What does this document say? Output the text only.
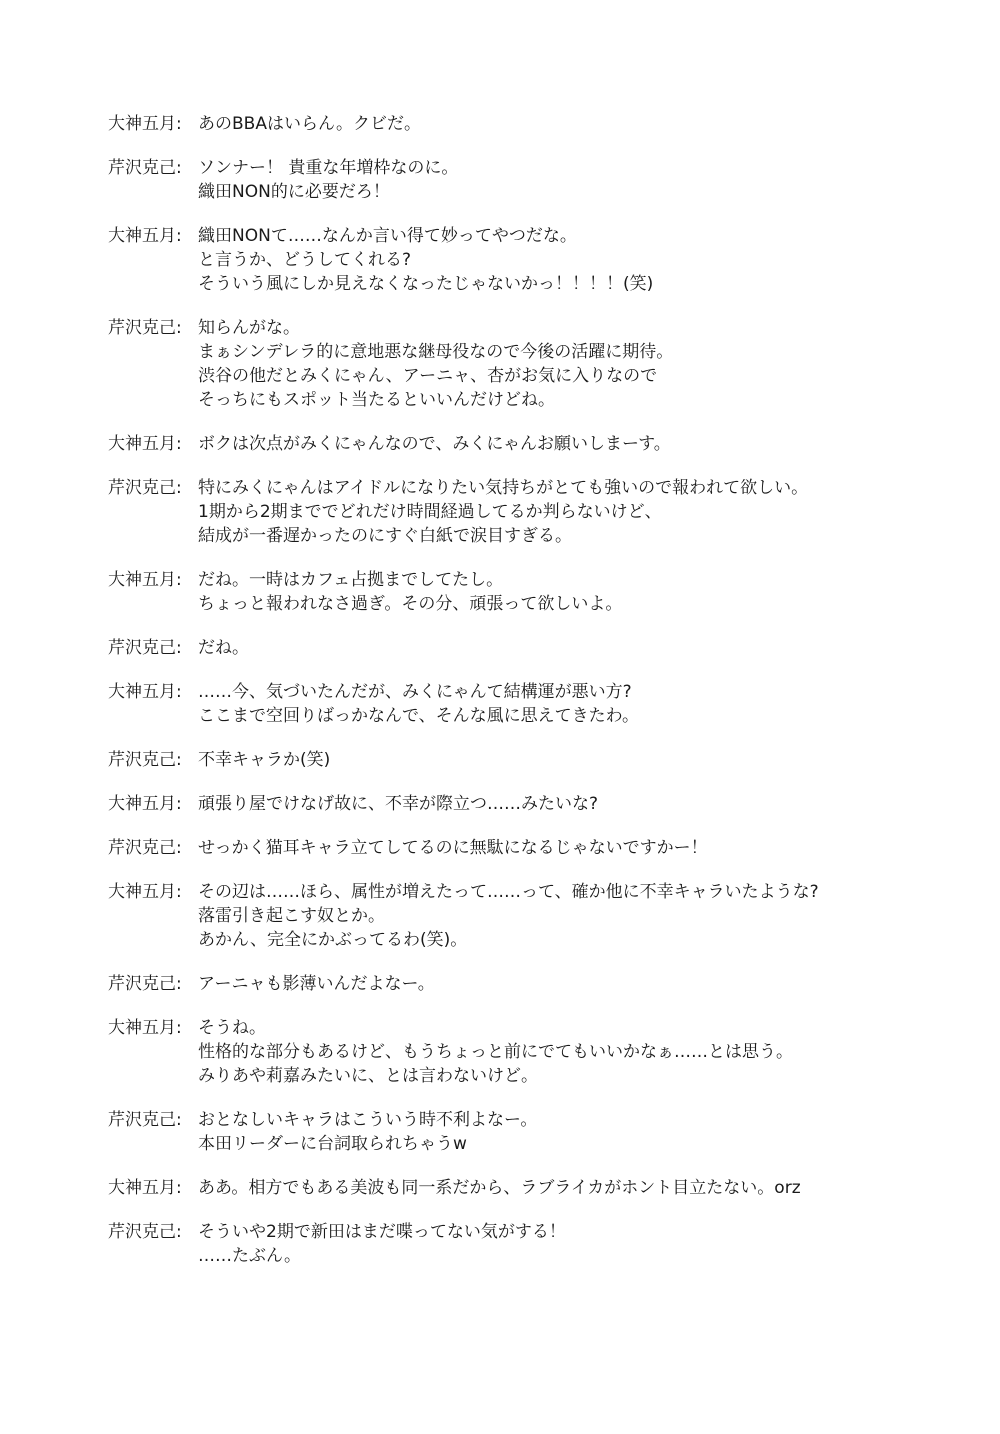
大神五月: あのBBAはいらん。クビだ。
芹沢克己: ソンナー！ 貴重な年増枠なのに。
織田NON的に必要だろ！
大神五月: 織田NONて……なんか言い得て妙ってやつだな。
と言うか、どうしてくれる?
そういう風にしか見えなくなったじゃないかっ！！！！(笑)
芹沢克己: 知らんがな。
まぁシンデレラ的に意地悪な継母役なので今後の活躍に期待。
渋谷の他だとみくにゃん、アーニャ、杏がお気に入りなので
そっちにもスポット当たるといいんだけどね。
大神五月: ボクは次点がみくにゃんなので、みくにゃんお願いしまーす。
芹沢克己: 特にみくにゃんはアイドルになりたい気持ちがとても強いので報われて欲しい。
1期から2期まででどれだけ時間経過してるか判らないけど、
結成が一番遅かったのにすぐ白紙で涙目すぎる。
大神五月: だね。一時はカフェ占拠までしてたし。
ちょっと報われなさ過ぎ。その分、頑張って欲しいよ。
芹沢克己: だね。
大神五月: ……今、気づいたんだが、みくにゃんて結構運が悪い方?
ここまで空回りばっかなんで、そんな風に思えてきたわ。
芹沢克己: 不幸キャラか(笑)
大神五月: 頑張り屋でけなげ故に、不幸が際立つ……みたいな?
芹沢克己: せっかく猫耳キャラ立てしてるのに無駄になるじゃないですかー！
大神五月: その辺は……ほら、属性が増えたって……って、確か他に不幸キャラいたような?
落雷引き起こす奴とか。
あかん、完全にかぶってるわ(笑)。
芹沢克己: アーニャも影薄いんだよなー。
大神五月: そうね。
性格的な部分もあるけど、もうちょっと前にでてもいいかなぁ……とは思う。
みりあや莉嘉みたいに、とは言わないけど。
芹沢克己: おとなしいキャラはこういう時不利よなー。
本田リーダーに台詞取られちゃうw
大神五月: ああ。相方でもある美波も同一系だから、ラブライカがホント目立たない。orz
芹沢克己: そういや2期で新田はまだ喋ってない気がする！
……たぶん。
